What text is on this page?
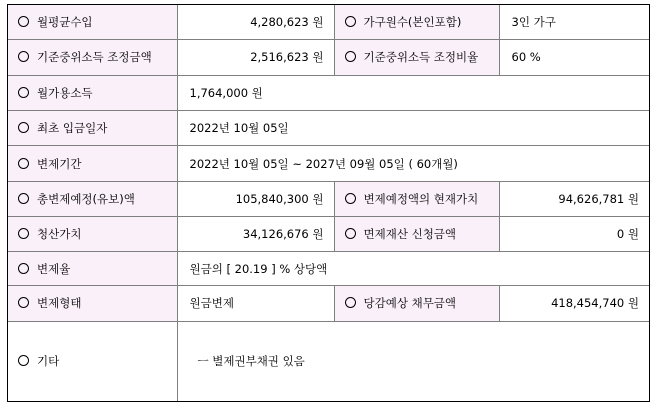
월평균수입	4,280,623 원	가구원수(본인포함)	3인 가구
기준중위소득 조정금액	2,516,623 원	기준중위소득 조정비율	60 %
월가용소득	1,764,000 원		
최초 입금일자	2022년 10월 05일		
변제기간	2022년 10월 05일 ~ 2027년 09월 05일 ( 60개월)		
총변제예정(유보)액	105,840,300 원	변제예정액의 현재가치	94,626,781 원
청산가치	34,126,676 원	면제재산 신청금액	0 원
변제율	원금의 [ 20.19 ] % 상당액		
변제형태	원금변제	당감예상 채무금액	418,454,740 원
기타	ㅡ 별제권부채권 있음		
